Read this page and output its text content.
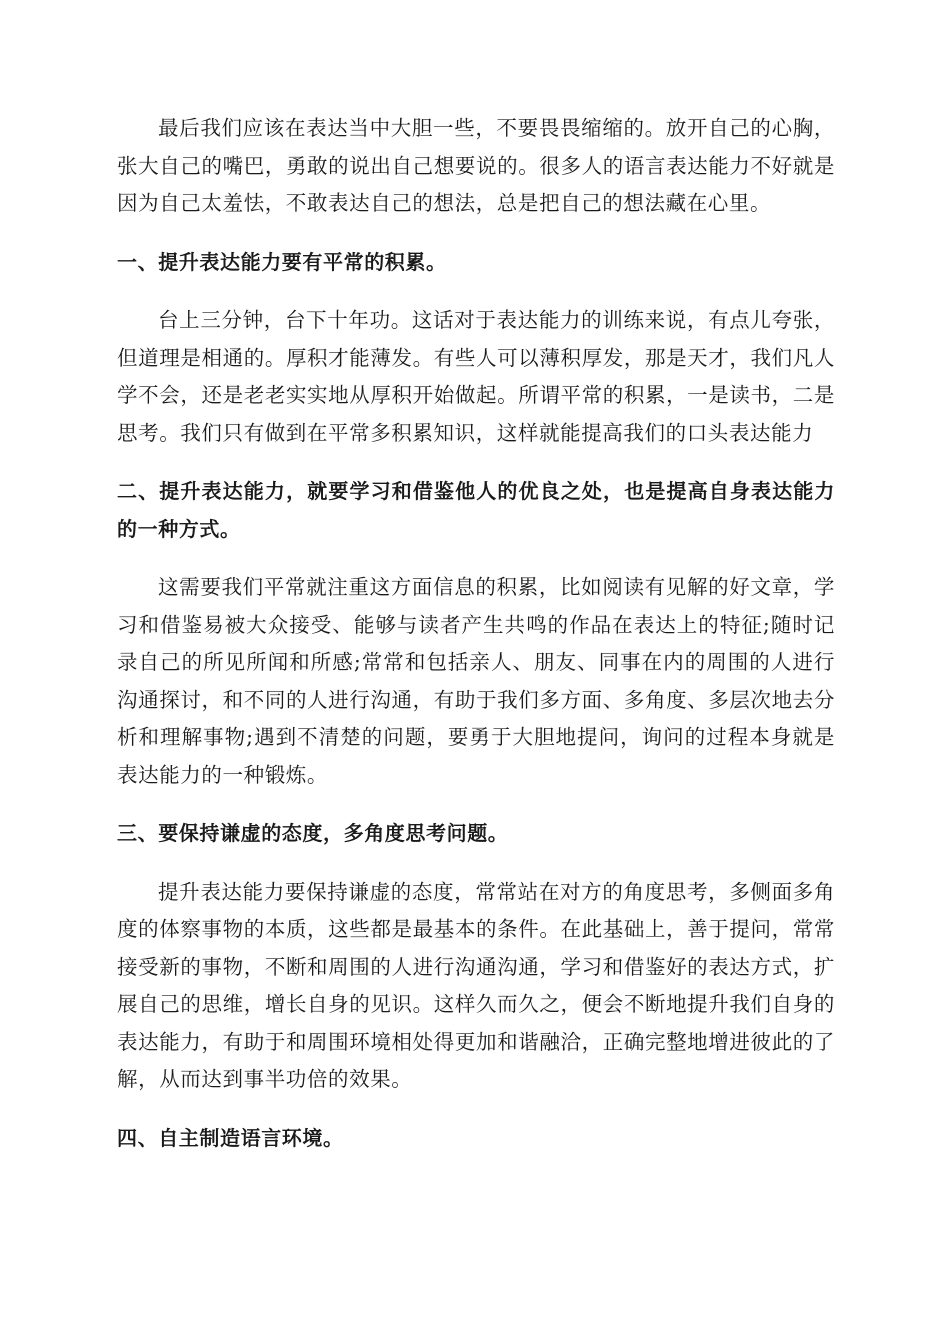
最后我们应该在表达当中大胆一些，不要畏畏缩缩的。放开自己的心胸，张大自己的嘴巴，勇敢的说出自己想要说的。很多人的语言表达能力不好就是因为自己太羞怯，不敢表达自己的想法，总是把自己的想法藏在心里。

一、提升表达能力要有平常的积累。

台上三分钟，台下十年功。这话对于表达能力的训练来说，有点儿夸张，但道理是相通的。厚积才能薄发。有些人可以薄积厚发，那是天才，我们凡人学不会，还是老老实实地从厚积开始做起。所谓平常的积累，一是读书，二是思考。我们只有做到在平常多积累知识，这样就能提高我们的口头表达能力

二、提升表达能力，就要学习和借鉴他人的优良之处，也是提高自身表达能力的一种方式。

这需要我们平常就注重这方面信息的积累，比如阅读有见解的好文章，学习和借鉴易被大众接受、能够与读者产生共鸣的作品在表达上的特征;随时记录自己的所见所闻和所感;常常和包括亲人、朋友、同事在内的周围的人进行沟通探讨，和不同的人进行沟通，有助于我们多方面、多角度、多层次地去分析和理解事物;遇到不清楚的问题，要勇于大胆地提问，询问的过程本身就是表达能力的一种锻炼。

三、要保持谦虚的态度，多角度思考问题。

提升表达能力要保持谦虚的态度，常常站在对方的角度思考，多侧面多角度的体察事物的本质，这些都是最基本的条件。在此基础上，善于提问，常常接受新的事物，不断和周围的人进行沟通沟通，学习和借鉴好的表达方式，扩展自己的思维，增长自身的见识。这样久而久之，便会不断地提升我们自身的表达能力，有助于和周围环境相处得更加和谐融洽，正确完整地增进彼此的了解，从而达到事半功倍的效果。

四、自主制造语言环境。
